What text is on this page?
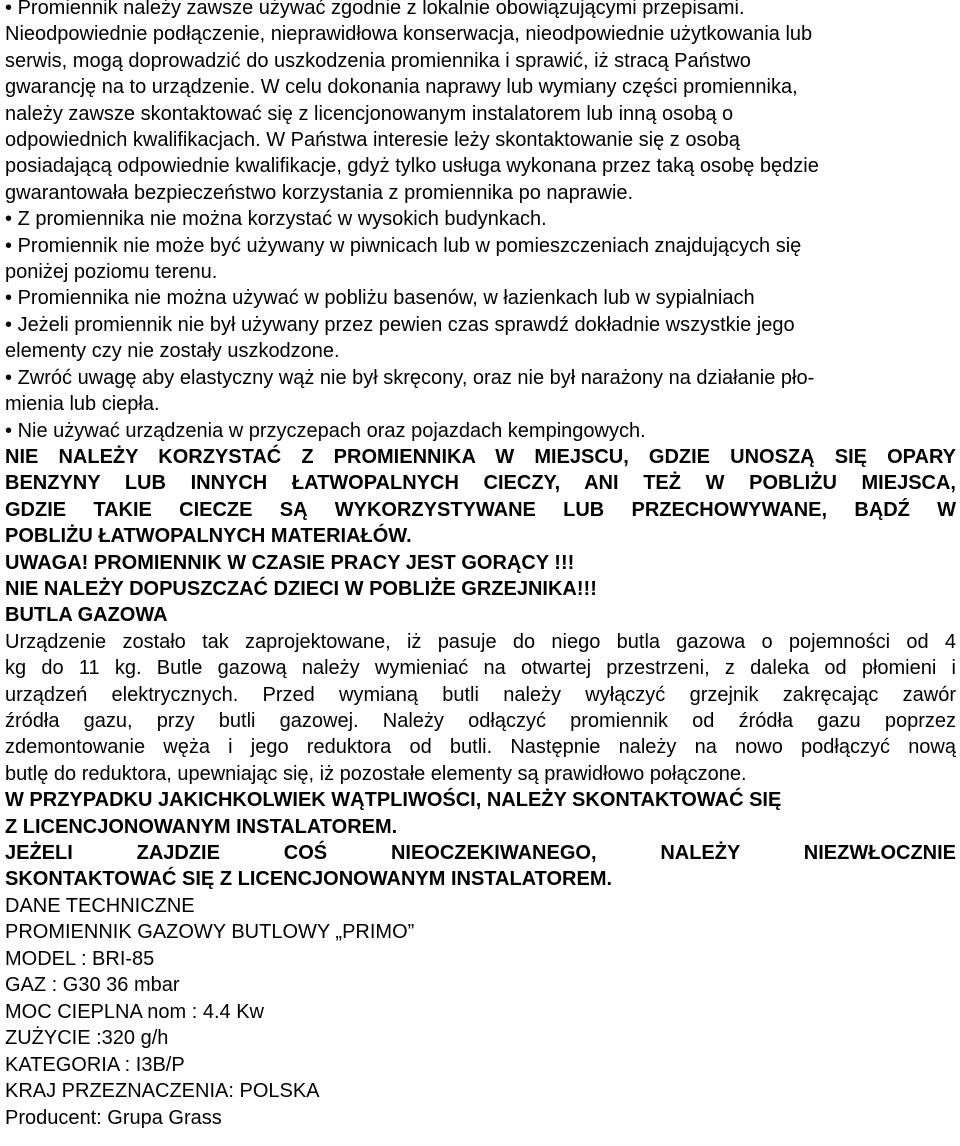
• Promiennik należy zawsze używać zgodnie z lokalnie obowiązującymi przepisami.
Nieodpowiednie podłączenie, nieprawidłowa konserwacja, nieodpowiednie użytkowania lub
serwis, mogą doprowadzić do uszkodzenia promiennika i sprawić, iż stracą Państwo
gwarancję na to urządzenie. W celu dokonania naprawy lub wymiany części promiennika,
należy zawsze skontaktować się z licencjonowanym instalatorem lub inną osobą o
odpowiednich kwalifikacjach. W Państwa interesie leży skontaktowanie się z osobą
posiadającą odpowiednie kwalifikacje, gdyż tylko usługa wykonana przez taką osobę będzie
gwarantowała bezpieczeństwo korzystania z promiennika po naprawie.
• Z promiennika nie można korzystać w wysokich budynkach.
• Promiennik nie może być używany w piwnicach lub w pomieszczeniach znajdujących się
poniżej poziomu terenu.
• Promiennika nie można używać w pobliżu basenów, w łazienkach lub w sypialniach
• Jeżeli promiennik nie był używany przez pewien czas sprawdź dokładnie wszystkie jego
elementy czy nie zostały uszkodzone.
• Zwróć uwagę aby elastyczny wąż nie był skręcony, oraz nie był narażony na działanie pło-
mienia lub ciepła.
• Nie używać urządzenia w przyczepach oraz pojazdach kempingowych.

NIE NALEŻY KORZYSTAĆ Z PROMIENNIKA W MIEJSCU, GDZIE UNOSZĄ SIĘ OPARY

BENZYNY LUB INNYCH ŁATWOPALNYCH CIECZY, ANI TEŻ W POBLIŻU MIEJSCA,

GDZIE TAKIE CIECZE SĄ WYKORZYSTYWANE LUB PRZECHOWYWANE, BĄDŹ W

POBLIŻU ŁATWOPALNYCH MATERIAŁÓW.

UWAGA! PROMIENNIK W CZASIE PRACY JEST GORĄCY !!!

NIE NALEŻY DOPUSZCZAĆ DZIECI W POBLIŻE GRZEJNIKA!!!

BUTLA GAZOWA

Urządzenie zostało tak zaprojektowane, iż pasuje do niego butla gazowa o pojemności od 4

kg do 11 kg. Butle gazową należy wymieniać na otwartej przestrzeni, z daleka od płomieni i

urządzeń elektrycznych. Przed wymianą butli należy wyłączyć grzejnik zakręcając zawór

źródła gazu, przy butli gazowej. Należy odłączyć promiennik od źródła gazu poprzez

zdemontowanie węża i jego reduktora od butli. Następnie należy na nowo podłączyć nową

butlę do reduktora, upewniając się, iż pozostałe elementy są prawidłowo połączone.

W PRZYPADKU JAKICHKOLWIEK WĄTPLIWOŚCI, NALEŻY SKONTAKTOWAĆ SIĘ

Z LICENCJONOWANYM INSTALATOREM.

JEŻELI ZAJDZIE COŚ NIEOCZEKIWANEGO, NALEŻY NIEZWŁOCZNIE

SKONTAKTOWAĆ SIĘ Z LICENCJONOWANYM INSTALATOREM.

DANE TECHNICZNE

PROMIENNIK GAZOWY BUTLOWY „PRIMO”

MODEL : BRI-85

GAZ : G30 36 mbar

MOC CIEPLNA nom : 4.4 Kw

ZUŻYCIE :320 g/h

KATEGORIA : I3B/P

KRAJ PRZEZNACZENIA: POLSKA

Producent: Grupa Grass
